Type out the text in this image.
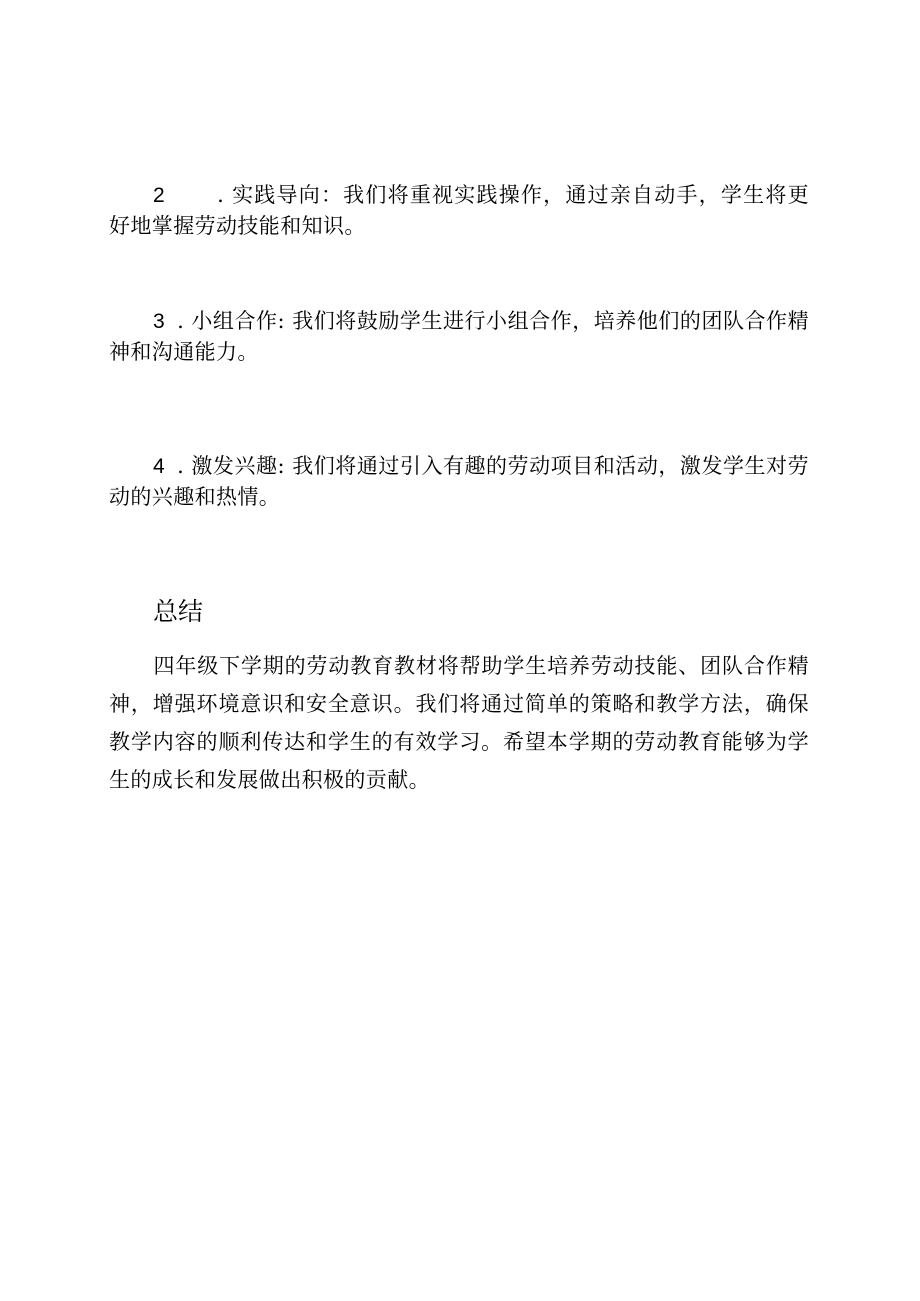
2 . 实践导向：我们将重视实践操作，通过亲自动手，学生将更好地掌握劳动技能和知识。

3 . 小组合作: 我们将鼓励学生进行小组合作，培养他们的团队合作精神和沟通能力。

4 . 激发兴趣: 我们将通过引入有趣的劳动项目和活动，激发学生对劳动的兴趣和热情。

总结

四年级下学期的劳动教育教材将帮助学生培养劳动技能、团队合作精神，增强环境意识和安全意识。我们将通过简单的策略和教学方法，确保教学内容的顺利传达和学生的有效学习。希望本学期的劳动教育能够为学生的成长和发展做出积极的贡献。
